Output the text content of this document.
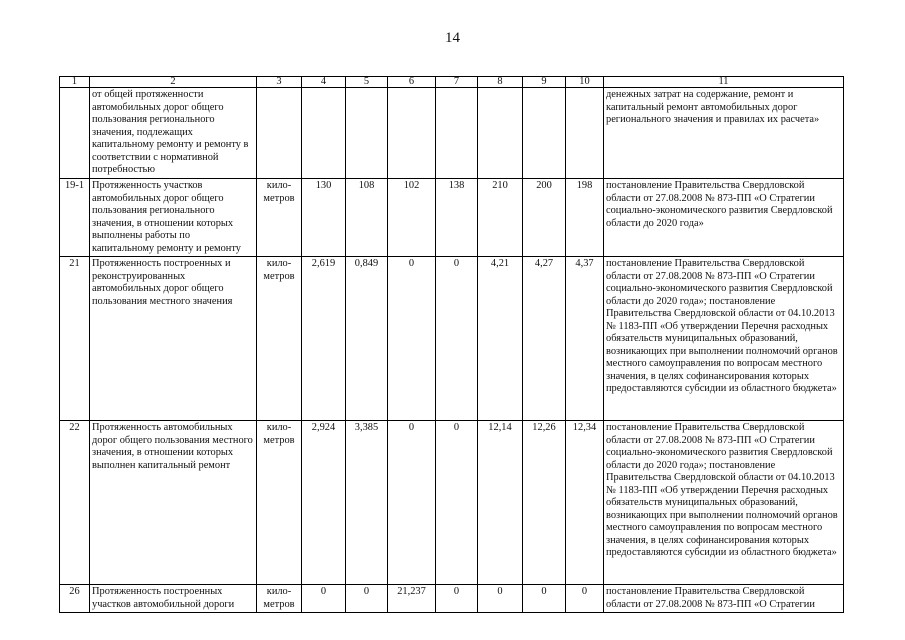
14
1	2	3	4	5	6	7	8	9	10	11
	от общей протяженности автомобильных дорог общего пользования регионального значения, подлежащих капитальному ремонту и ремонту в соответствии с нормативной потребностью									денежных затрат на содержание, ремонт и капитальный ремонт автомобильных дорог регионального значения и правилах их расчета»
19-1	Протяженность участков автомобильных дорог общего пользования регионального значения, в отношении которых выполнены работы по капитальному ремонту и ремонту	кило-метров	130	108	102	138	210	200	198	постановление Правительства Свердловской области от 27.08.2008 № 873-ПП «О Стратегии социально-экономического развития Свердловской области до 2020 года»
21	Протяженность построенных и реконструированных автомобильных дорог общего пользования местного значения	кило-метров	2,619	0,849	0	0	4,21	4,27	4,37	постановление Правительства Свердловской области от 27.08.2008 № 873-ПП «О Стратегии социально-экономического развития Свердловской области до 2020 года»; постановление Правительства Свердловской области от 04.10.2013 № 1183-ПП «Об утверждении Перечня расходных обязательств муниципальных образований, возникающих при выполнении полномочий органов местного самоуправления по вопросам местного значения, в целях софинансирования которых предоставляются субсидии из областного бюджета»
22	Протяженность автомобильных дорог общего пользования местного значения, в отношении которых выполнен капитальный ремонт	кило-метров	2,924	3,385	0	0	12,14	12,26	12,34	постановление Правительства Свердловской области от 27.08.2008 № 873-ПП «О Стратегии социально-экономического развития Свердловской области до 2020 года»; постановление Правительства Свердловской области от 04.10.2013 № 1183-ПП «Об утверждении Перечня расходных обязательств муниципальных образований, возникающих при выполнении полномочий органов местного самоуправления по вопросам местного значения, в целях софинансирования которых предоставляются субсидии из областного бюджета»
26	Протяженность построенных участков автомобильной дороги	кило-метров	0	0	21,237	0	0	0	0	постановление Правительства Свердловской области от 27.08.2008 № 873-ПП «О Стратегии
